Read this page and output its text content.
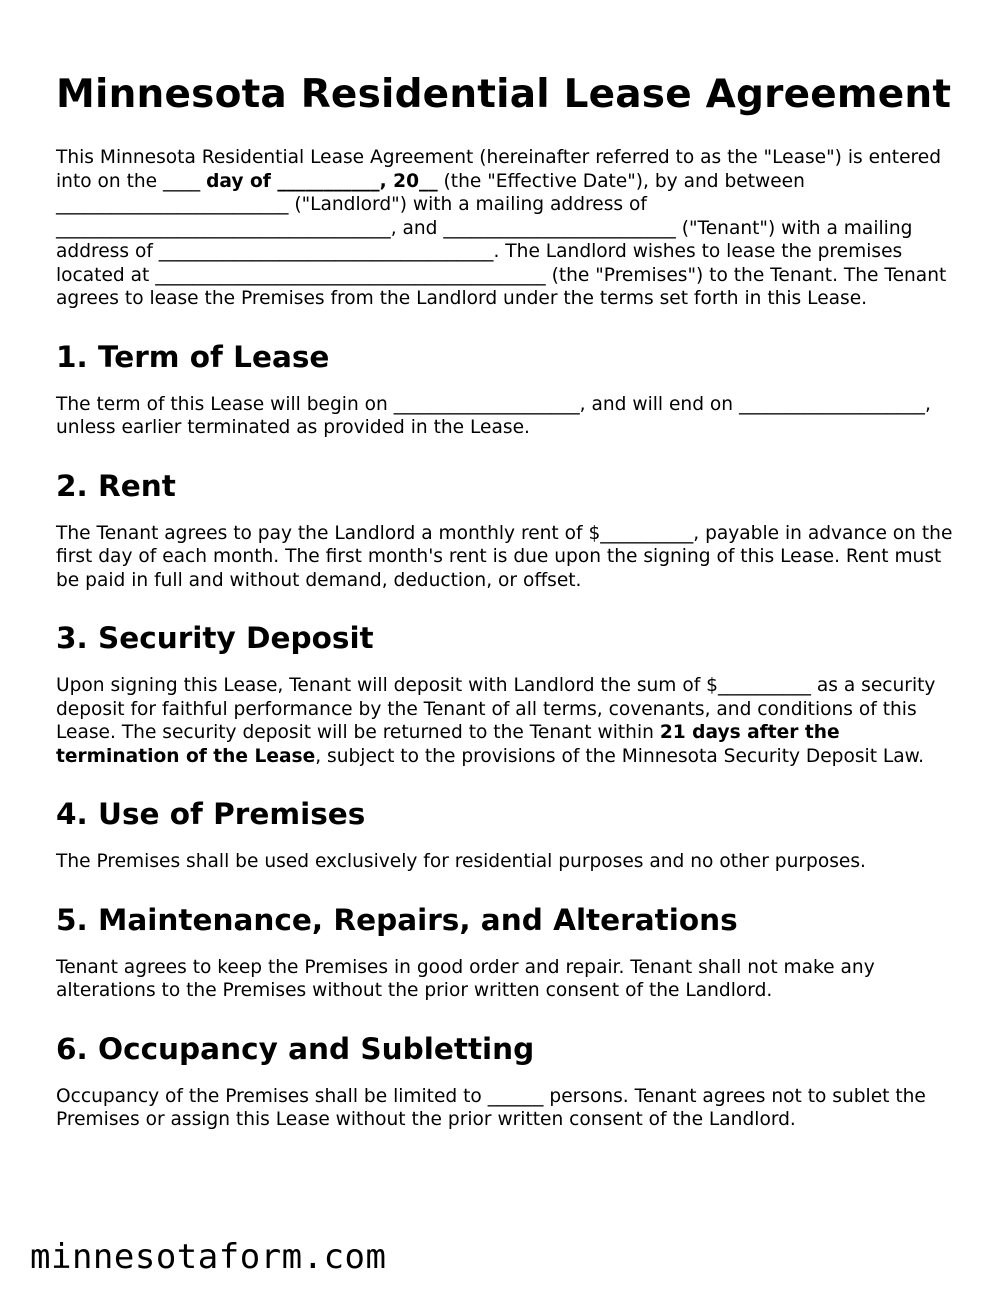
Minnesota Residential Lease Agreement

This Minnesota Residential Lease Agreement (hereinafter referred to as the "Lease") is entered into on the ____ day of ___________, 20__ (the "Effective Date"), by and between _________________________ ("Landlord") with a mailing address of ____________________________________, and _________________________ ("Tenant") with a mailing address of ____________________________________. The Landlord wishes to lease the premises located at __________________________________________ (the "Premises") to the Tenant. The Tenant agrees to lease the Premises from the Landlord under the terms set forth in this Lease.

1. Term of Lease

The term of this Lease will begin on ____________________, and will end on ____________________, unless earlier terminated as provided in the Lease.

2. Rent

The Tenant agrees to pay the Landlord a monthly rent of $__________, payable in advance on the first day of each month. The first month's rent is due upon the signing of this Lease. Rent must be paid in full and without demand, deduction, or offset.

3. Security Deposit

Upon signing this Lease, Tenant will deposit with Landlord the sum of $__________ as a security deposit for faithful performance by the Tenant of all terms, covenants, and conditions of this Lease. The security deposit will be returned to the Tenant within 21 days after the termination of the Lease, subject to the provisions of the Minnesota Security Deposit Law.

4. Use of Premises

The Premises shall be used exclusively for residential purposes and no other purposes.

5. Maintenance, Repairs, and Alterations

Tenant agrees to keep the Premises in good order and repair. Tenant shall not make any alterations to the Premises without the prior written consent of the Landlord.

6. Occupancy and Subletting

Occupancy of the Premises shall be limited to ______ persons. Tenant agrees not to sublet the Premises or assign this Lease without the prior written consent of the Landlord.

minnesotaform.com
